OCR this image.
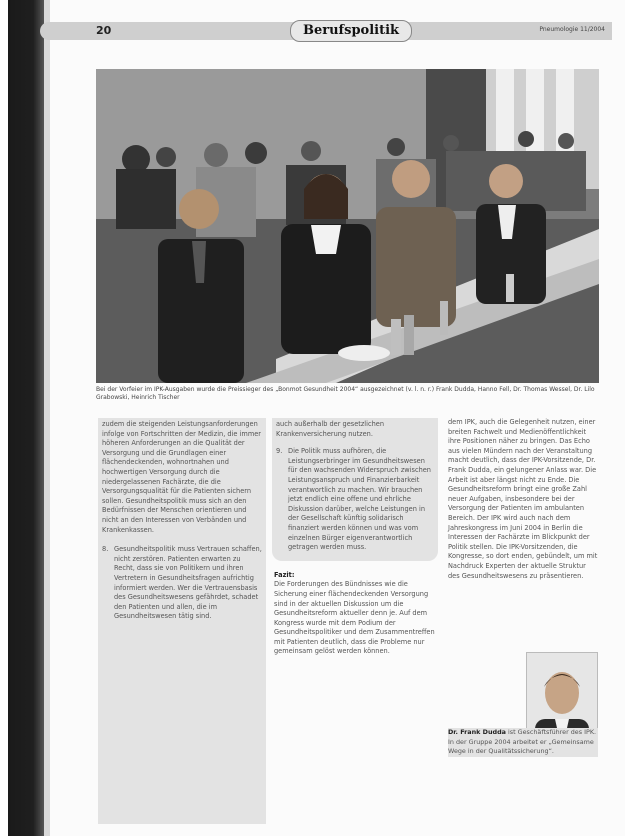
20	Berufspolitik	Pneumologie 11/2004
Bei der Vorfeier im IPK-Ausgaben wurde die Preissieger des „Bonmot Gesundheit 2004“ ausgezeichnet (v. l. n. r.) Frank Dudda, Hanno Fell, Dr. Thomas Wessel, Dr. Lilo Grabowski, Heinrich Tischer

zudem die steigenden Leistungsanforderungen infolge von Fortschritten der Medizin, die immer höheren Anforderungen an die Qualität der Versorgung und die Grundlagen einer flächendeckenden, wohnortnahen und hochwertigen Versorgung durch die niedergelassenen Fachärzte, die die Versorgungsqualität für die Patienten sichern sollen. Gesundheitspolitik muss sich an den Bedürfnissen der Menschen orientieren und nicht an den Interessen von Verbänden und Krankenkassen.

8. Gesundheitspolitik muss Vertrauen schaffen, nicht zerstören. Patienten erwarten zu Recht, dass sie von Politikern und ihren Vertretern in Gesundheitsfragen aufrichtig informiert werden. Wer die Vertrauensbasis des Gesundheitswesens gefährdet, schadet den Patienten und allen, die im Gesundheitswesen tätig sind.

auch außerhalb der gesetzlichen Krankenversicherung nutzen.

9. Die Politik muss aufhören, die Leistungserbringer im Gesundheitswesen für den wachsenden Widerspruch zwischen Leistungsanspruch und Finanzierbarkeit verantwortlich zu machen. Wir brauchen jetzt endlich eine offene und ehrliche Diskussion darüber, welche Leistungen in der Gesellschaft künftig solidarisch finanziert werden können und was vom einzelnen Bürger eigenverantwortlich getragen werden muss.
Fazit:
Die Forderungen des Bündnisses wie die Sicherung einer flächendeckenden Versorgung sind in der aktuellen Diskussion um die Gesundheitsreform aktueller denn je. Auf dem Kongress wurde mit dem Podium der Gesundheitspolitiker und dem Zusammentreffen mit Patienten deutlich, dass die Probleme nur gemeinsam gelöst werden können.

dem IPK, auch die Gelegenheit nutzen, einer breiten Fachwelt und Medienöffentlichkeit ihre Positionen näher zu bringen. Das Echo aus vielen Mündern nach der Veranstaltung macht deutlich, dass der IPK-Vorsitzende, Dr. Frank Dudda, ein gelungener Anlass war. Die Arbeit ist aber längst nicht zu Ende. Die Gesundheitsreform bringt eine große Zahl neuer Aufgaben, insbesondere bei der Versorgung der Patienten im ambulanten Bereich. Der IPK wird auch nach dem Jahreskongress im Juni 2004 in Berlin die Interessen der Fachärzte im Blickpunkt der Politik stellen. Die IPK-Vorsitzenden, die Kongresse, so dort enden, gebündelt, um mit Nachdruck Experten der aktuelle Struktur des Gesundheitswesens zu präsentieren.

Dr. Frank Dudda ist Geschäftsführer des IPK. In der Gruppe 2004 arbeitet er „Gemeinsame Wege in der Qualitätssicherung“.
